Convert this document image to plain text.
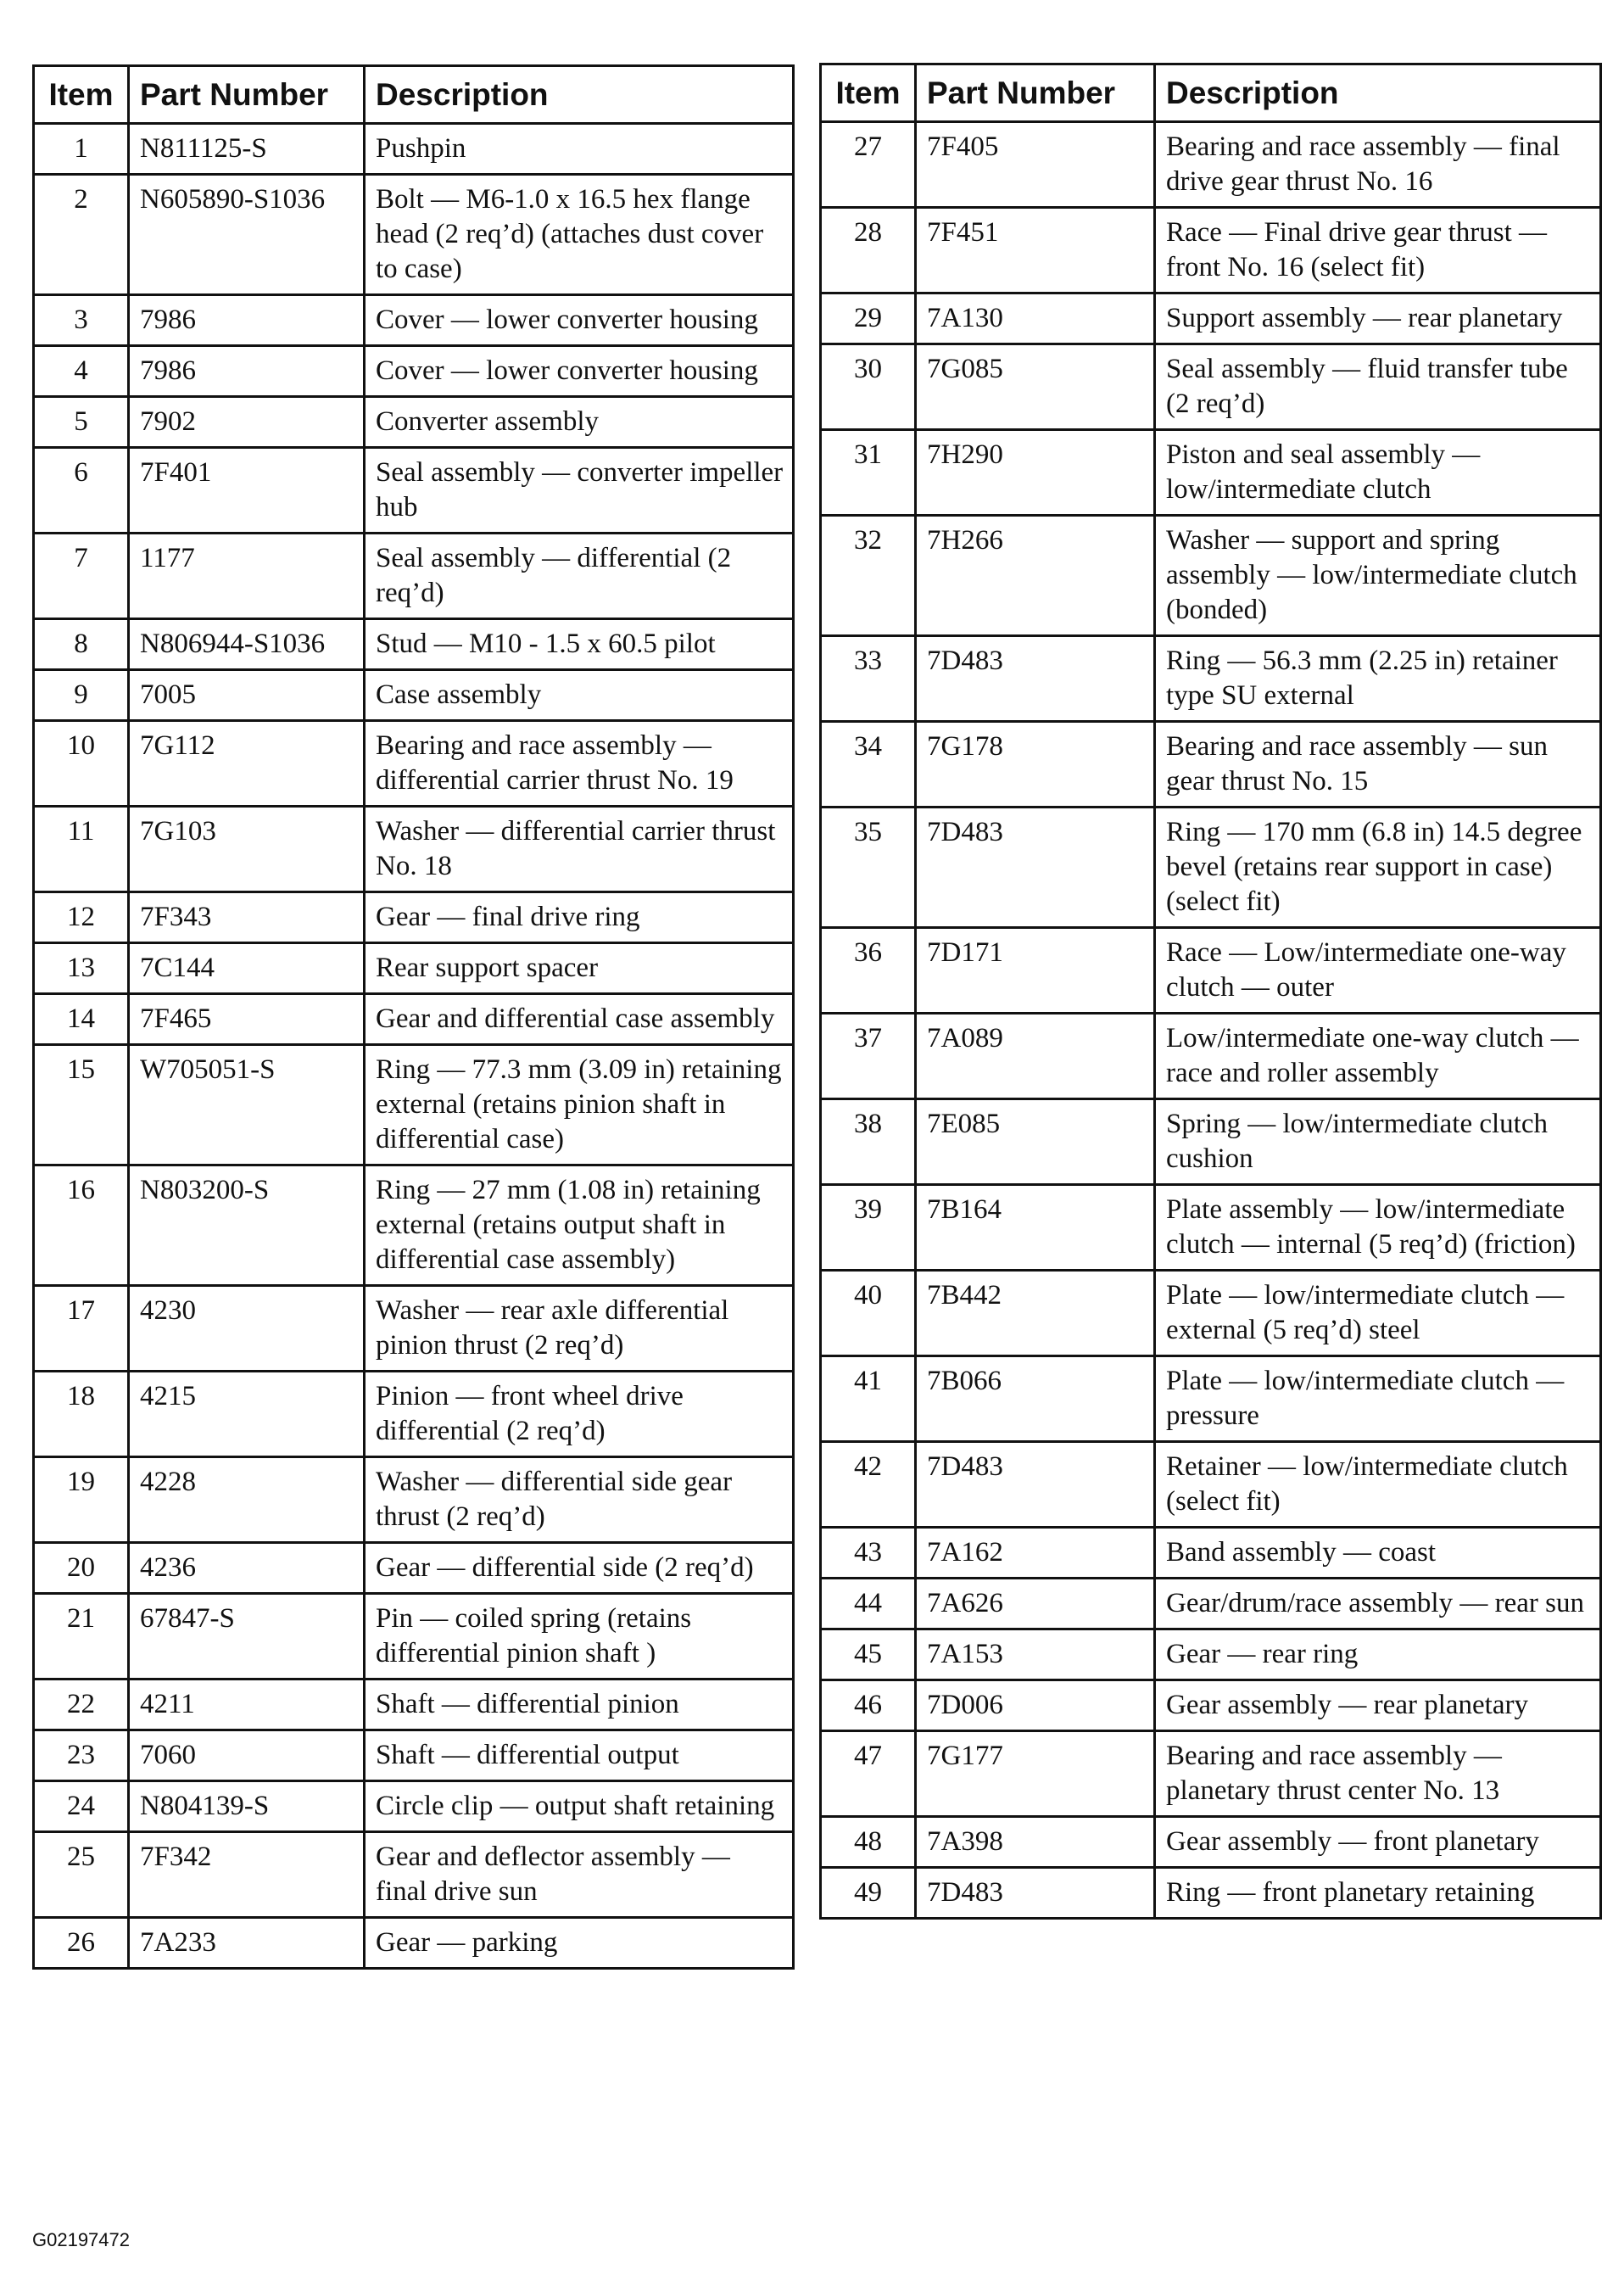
Item	Part Number	Description
1	N811125-S	Pushpin
2	N605890-S1036	Bolt — M6-1.0 x 16.5 hex flange head (2 req’d) (attaches dust cover to case)
3	7986	Cover — lower converter housing
4	7986	Cover — lower converter housing
5	7902	Converter assembly
6	7F401	Seal assembly — converter impeller hub
7	1177	Seal assembly — differential (2 req’d)
8	N806944-S1036	Stud — M10 - 1.5 x 60.5 pilot
9	7005	Case assembly
10	7G112	Bearing and race assembly — differential carrier thrust No. 19
11	7G103	Washer — differential carrier thrust No. 18
12	7F343	Gear — final drive ring
13	7C144	Rear support spacer
14	7F465	Gear and differential case assembly
15	W705051-S	Ring — 77.3 mm (3.09 in) retaining external (retains pinion shaft in differential case)
16	N803200-S	Ring — 27 mm (1.08 in) retaining external (retains output shaft in differential case assembly)
17	4230	Washer — rear axle differential pinion thrust (2 req’d)
18	4215	Pinion — front wheel drive differential (2 req’d)
19	4228	Washer — differential side gear thrust (2 req’d)
20	4236	Gear — differential side (2 req’d)
21	67847-S	Pin — coiled spring (retains differential pinion shaft )
22	4211	Shaft — differential pinion
23	7060	Shaft — differential output
24	N804139-S	Circle clip — output shaft retaining
25	7F342	Gear and deflector assembly — final drive sun
26	7A233	Gear — parking
Item	Part Number	Description
27	7F405	Bearing and race assembly — final drive gear thrust No. 16
28	7F451	Race — Final drive gear thrust — front No. 16 (select fit)
29	7A130	Support assembly — rear planetary
30	7G085	Seal assembly — fluid transfer tube (2 req’d)
31	7H290	Piston and seal assembly — low/intermediate clutch
32	7H266	Washer — support and spring assembly — low/intermediate clutch (bonded)
33	7D483	Ring — 56.3 mm (2.25 in) retainer type SU external
34	7G178	Bearing and race assembly — sun gear thrust No. 15
35	7D483	Ring — 170 mm (6.8 in) 14.5 degree bevel (retains rear support in case) (select fit)
36	7D171	Race — Low/intermediate one-way clutch — outer
37	7A089	Low/intermediate one-way clutch — race and roller assembly
38	7E085	Spring — low/intermediate clutch cushion
39	7B164	Plate assembly — low/intermediate clutch — internal (5 req’d) (friction)
40	7B442	Plate — low/intermediate clutch — external (5 req’d) steel
41	7B066	Plate — low/intermediate clutch — pressure
42	7D483	Retainer — low/intermediate clutch (select fit)
43	7A162	Band assembly — coast
44	7A626	Gear/drum/race assembly — rear sun
45	7A153	Gear — rear ring
46	7D006	Gear assembly — rear planetary
47	7G177	Bearing and race assembly — planetary thrust center No. 13
48	7A398	Gear assembly — front planetary
49	7D483	Ring — front planetary retaining
G02197472
